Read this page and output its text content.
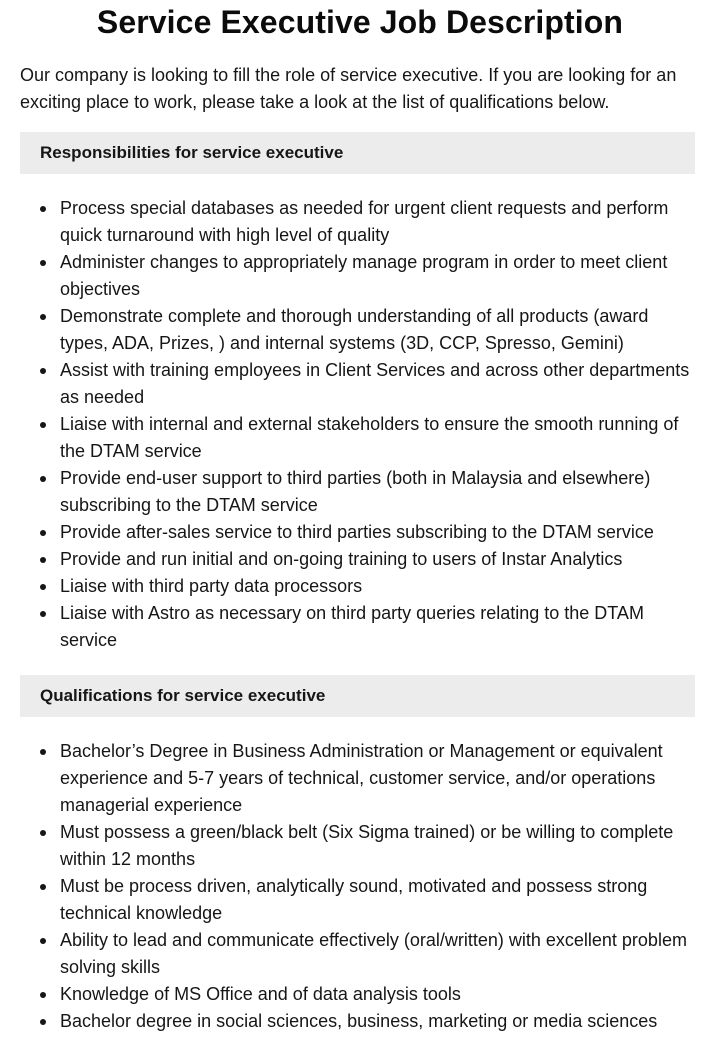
Service Executive Job Description

Our company is looking to fill the role of service executive. If you are looking for an exciting place to work, please take a look at the list of qualifications below.

Responsibilities for service executive
Process special databases as needed for urgent client requests and perform quick turnaround with high level of quality
Administer changes to appropriately manage program in order to meet client objectives
Demonstrate complete and thorough understanding of all products (award types, ADA, Prizes, ) and internal systems (3D, CCP, Spresso, Gemini)
Assist with training employees in Client Services and across other departments as needed
Liaise with internal and external stakeholders to ensure the smooth running of the DTAM service
Provide end-user support to third parties (both in Malaysia and elsewhere) subscribing to the DTAM service
Provide after-sales service to third parties subscribing to the DTAM service
Provide and run initial and on-going training to users of Instar Analytics
Liaise with third party data processors
Liaise with Astro as necessary on third party queries relating to the DTAM service
Qualifications for service executive
Bachelor’s Degree in Business Administration or Management or equivalent experience and 5-7 years of technical, customer service, and/or operations managerial experience
Must possess a green/black belt (Six Sigma trained) or be willing to complete within 12 months
Must be process driven, analytically sound, motivated and possess strong technical knowledge
Ability to lead and communicate effectively (oral/written) with excellent problem solving skills
Knowledge of MS Office and of data analysis tools
Bachelor degree in social sciences, business, marketing or media sciences
